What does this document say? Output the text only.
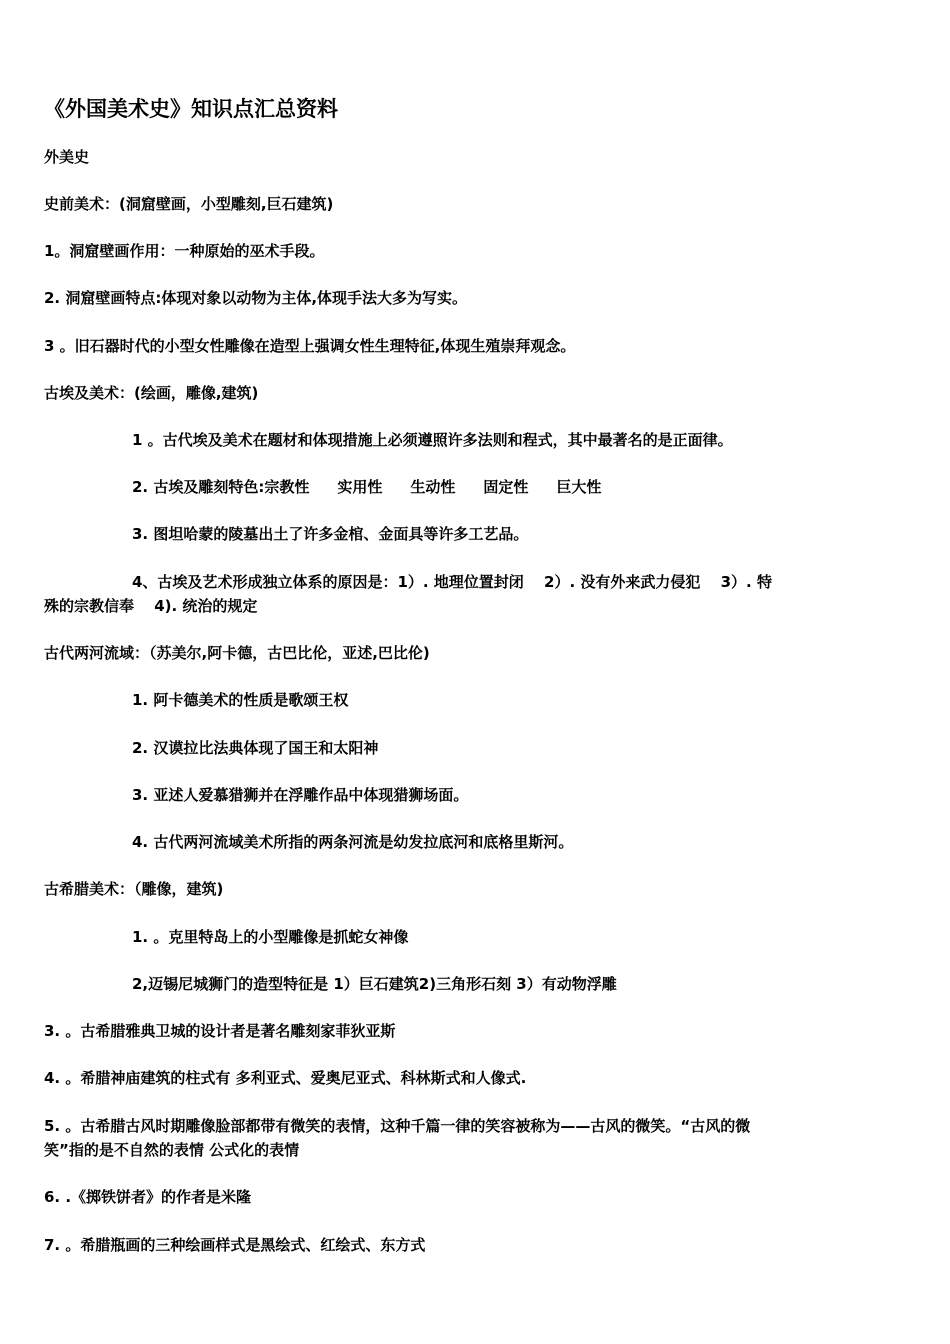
《外国美术史》知识点汇总资料
外美史
史前美术：(洞窟壁画，小型雕刻,巨石建筑)
1。洞窟壁画作用：一种原始的巫术手段。
2. 洞窟壁画特点:体现对象以动物为主体,体现手法大多为写实。
3 。旧石器时代的小型女性雕像在造型上强调女性生理特征,体现生殖崇拜观念。
古埃及美术：(绘画，雕像,建筑)
1 。古代埃及美术在题材和体现措施上必须遵照许多法则和程式，其中最著名的是正面律。
2. 古埃及雕刻特色:宗教性 实用性 生动性 固定性 巨大性
3. 图坦哈蒙的陵墓出土了许多金棺、金面具等许多工艺品。
4、古埃及艺术形成独立体系的原因是：1）. 地理位置封闭　 2）. 没有外来武力侵犯　 3）. 特
殊的宗教信奉　 4). 统治的规定
古代两河流域：（苏美尔,阿卡德，古巴比伦，亚述,巴比伦)
1. 阿卡德美术的性质是歌颂王权
2. 汉谟拉比法典体现了国王和太阳神
3. 亚述人爱慕猎狮并在浮雕作品中体现猎狮场面。
4. 古代两河流域美术所指的两条河流是幼发拉底河和底格里斯河。
古希腊美术：（雕像，建筑)
1. 。克里特岛上的小型雕像是抓蛇女神像
2,迈锡尼城狮门的造型特征是 1）巨石建筑2)三角形石刻 3）有动物浮雕
3. 。古希腊雅典卫城的设计者是著名雕刻家菲狄亚斯
4. 。希腊神庙建筑的柱式有 多利亚式、爱奥尼亚式、科林斯式和人像式.
5. 。古希腊古风时期雕像脸部都带有微笑的表情，这种千篇一律的笑容被称为——古风的微笑。“古风的微
笑”指的是不自然的表情 公式化的表情
6. .《掷铁饼者》的作者是米隆
7. 。希腊瓶画的三种绘画样式是黑绘式、红绘式、东方式
